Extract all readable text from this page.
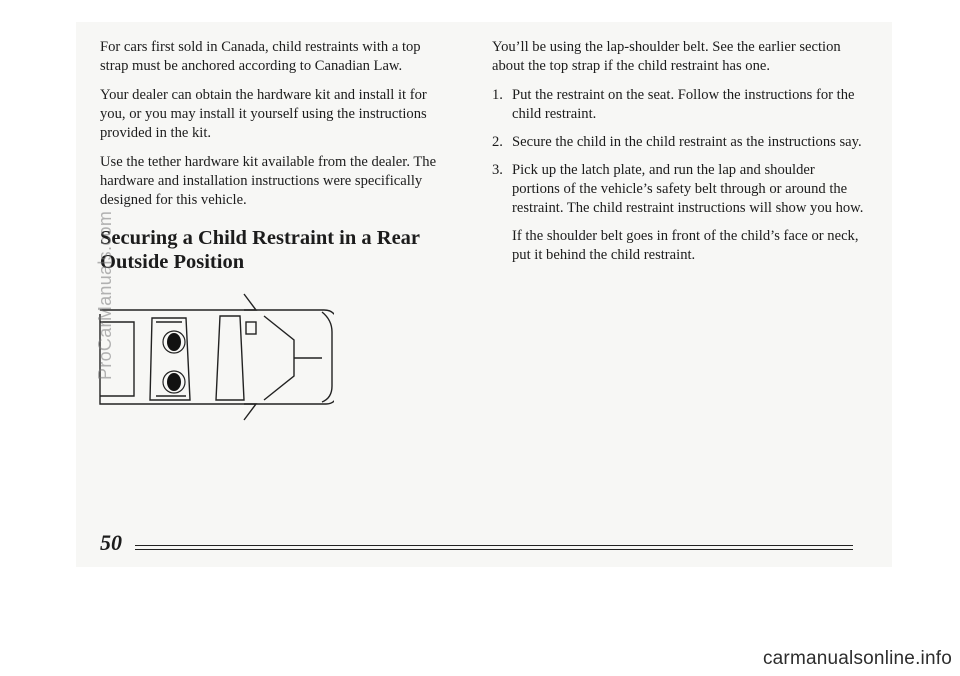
For cars first sold in Canada, child restraints with a top strap must be anchored according to Canadian Law.

Your dealer can obtain the hardware kit and install it for you, or you may install it yourself using the instructions provided in the kit.

Use the tether hardware kit available from the dealer. The hardware and installation instructions were specifically designed for this vehicle.

Securing a Child Restraint in a Rear
Outside Position

You’ll be using the lap-shoulder belt. See the earlier section about the top strap if the child restraint has one.

1. Put the restraint on the seat. Follow the instructions for the child restraint.
2. Secure the child in the child restraint as the instructions say.
3. Pick up the latch plate, and run the lap and shoulder portions of the vehicle’s safety belt through or around the restraint. The child restraint instructions will show you how.

If the shoulder belt goes in front of the child’s face or neck, put it behind the child restraint.

ProCarManuals.com
50
carmanualsonline.info
